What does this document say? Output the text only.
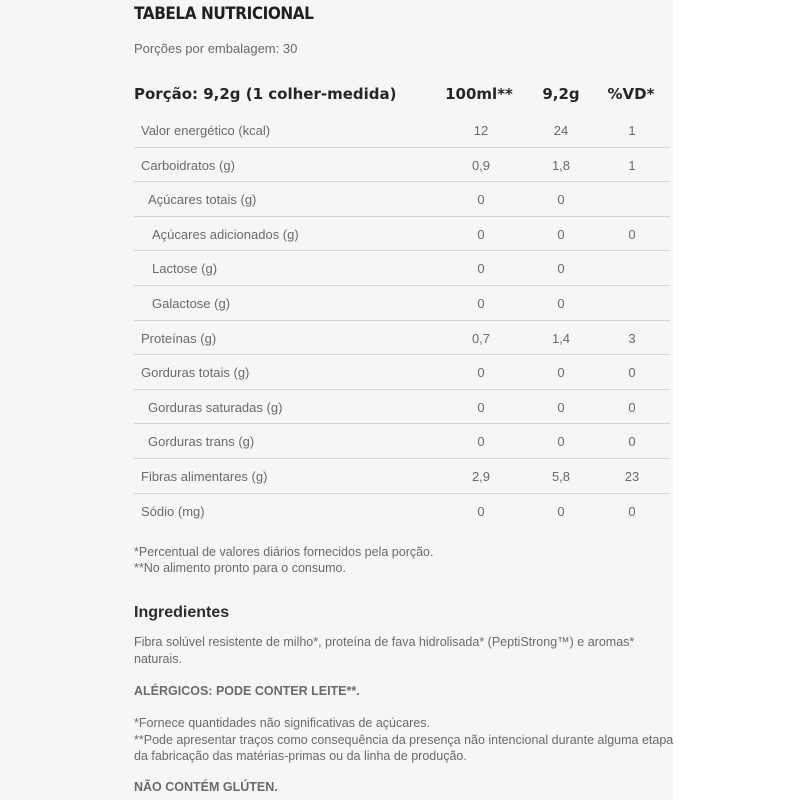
TABELA NUTRICIONAL
Porções por embalagem: 30
Porção: 9,2g (1 colher-medida)	100ml**	9,2g	%VD*
Valor energético (kcal)	12	24	1
Carboidratos (g)	0,9	1,8	1
Açúcares totais (g)	0	0
Açúcares adicionados (g)	0	0	0
Lactose (g)	0	0
Galactose (g)	0	0
Proteínas (g)	0,7	1,4	3
Gorduras totais (g)	0	0	0
Gorduras saturadas (g)	0	0	0
Gorduras trans (g)	0	0	0
Fibras alimentares (g)	2,9	5,8	23
Sódio (mg)	0	0	0
*Percentual de valores diários fornecidos pela porção.
**No alimento pronto para o consumo.
Ingredientes
Fibra solúvel resistente de milho*, proteína de fava hidrolisada* (PeptiStrong™) e aromas* naturais.
ALÉRGICOS: PODE CONTER LEITE**.
*Fornece quantidades não significativas de açúcares.
**Pode apresentar traços como consequência da presença não intencional durante alguma etapa da fabricação das matérias-primas ou da linha de produção.
NÃO CONTÉM GLÚTEN.
